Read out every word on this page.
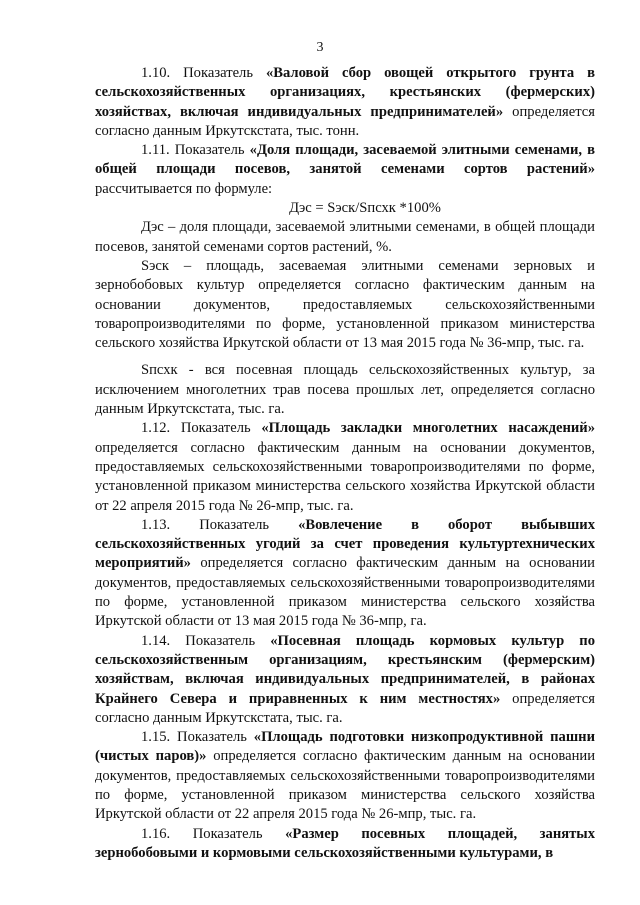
3

1.10. Показатель «Валовой сбор овощей открытого грунта в сельскохозяйственных организациях, крестьянских (фермерских) хозяйствах, включая индивидуальных предпринимателей» определяется согласно данным Иркутскстата, тыс. тонн.

1.11. Показатель «Доля площади, засеваемой элитными семенами, в общей площади посевов, занятой семенами сортов растений» рассчитывается по формуле:

Дэс = Sэск/Sпсхк *100%

Дэс – доля площади, засеваемой элитными семенами, в общей площади посевов, занятой семенами сортов растений, %.

Sэск – площадь, засеваемая элитными семенами зерновых и зернобобовых культур определяется согласно фактическим данным на основании документов, предоставляемых сельскохозяйственными товаропроизводителями по форме, установленной приказом министерства сельского хозяйства Иркутской области от 13 мая 2015 года № 36-мпр, тыс. га.

Sпсхк - вся посевная площадь сельскохозяйственных культур, за исключением многолетних трав посева прошлых лет, определяется согласно данным Иркутскстата, тыс. га.

1.12. Показатель «Площадь закладки многолетних насаждений» определяется согласно фактическим данным на основании документов, предоставляемых сельскохозяйственными товаропроизводителями по форме, установленной приказом министерства сельского хозяйства Иркутской области от 22 апреля 2015 года № 26-мпр, тыс. га.

1.13. Показатель «Вовлечение в оборот выбывших сельскохозяйственных угодий за счет проведения культуртехнических мероприятий» определяется согласно фактическим данным на основании документов, предоставляемых сельскохозяйственными товаропроизводителями по форме, установленной приказом министерства сельского хозяйства Иркутской области от 13 мая 2015 года № 36-мпр, га.

1.14. Показатель «Посевная площадь кормовых культур по сельскохозяйственным организациям, крестьянским (фермерским) хозяйствам, включая индивидуальных предпринимателей, в районах Крайнего Севера и приравненных к ним местностях» определяется согласно данным Иркутскстата, тыс. га.

1.15. Показатель «Площадь подготовки низкопродуктивной пашни (чистых паров)» определяется согласно фактическим данным на основании документов, предоставляемых сельскохозяйственными товаропроизводителями по форме, установленной приказом министерства сельского хозяйства Иркутской области от 22 апреля 2015 года № 26-мпр, тыс. га.

1.16. Показатель «Размер посевных площадей, занятых зернобобовыми и кормовыми сельскохозяйственными культурами, в
